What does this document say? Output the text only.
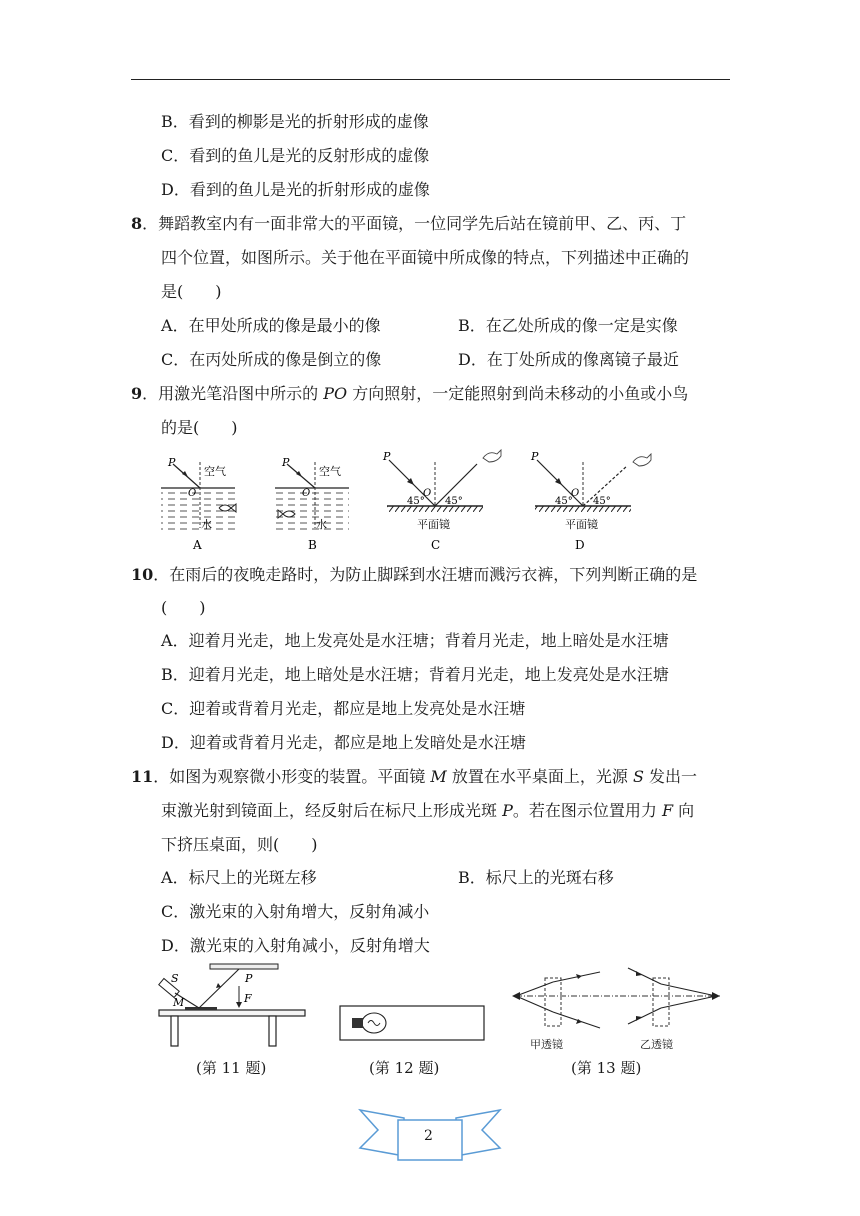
B．看到的柳影是光的折射形成的虚像
C．看到的鱼儿是光的反射形成的虚像
D．看到的鱼儿是光的折射形成的虚像
8．舞蹈教室内有一面非常大的平面镜，一位同学先后站在镜前甲、乙、丙、丁
四个位置，如图所示。关于他在平面镜中所成像的特点，下列描述中正确的
是(　　)
A．在甲处所成的像是最小的像	B．在乙处所成的像一定是实像
C．在丙处所成的像是倒立的像	D．在丁处所成的像离镜子最近
9．用激光笔沿图中所示的 PO 方向照射，一定能照射到尚未移动的小鱼或小鸟
的是(　　)
P
O
空气
水
A
P
O
空气
水
B
P
O
45° 45°
平面镜
C
P
O
45° 45°
平面镜
D
10．在雨后的夜晚走路时，为防止脚踩到水汪塘而溅污衣裤，下列判断正确的是
(　　)
A．迎着月光走，地上发亮处是水汪塘；背着月光走，地上暗处是水汪塘
B．迎着月光走，地上暗处是水汪塘；背着月光走，地上发亮处是水汪塘
C．迎着或背着月光走，都应是地上发亮处是水汪塘
D．迎着或背着月光走，都应是地上发暗处是水汪塘
11．如图为观察微小形变的装置。平面镜 M 放置在水平桌面上，光源 S 发出一
束激光射到镜面上，经反射后在标尺上形成光斑 P。若在图示位置用力 F 向
下挤压桌面，则(　　)
A．标尺上的光斑左移	B．标尺上的光斑右移
C．激光束的入射角增大，反射角减小
D．激光束的入射角减小，反射角增大
S	P
F
M
甲透镜	乙透镜
(第 11 题)	(第 12 题)	(第 13 题)
2
